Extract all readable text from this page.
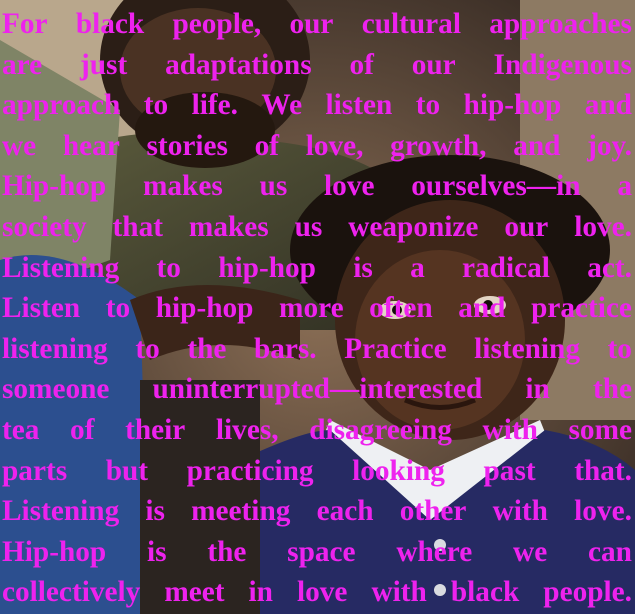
For black people, our cultural approaches
are just adaptations of our Indigenous
approach to life. We listen to hip-hop and
we hear stories of love, growth, and joy.
Hip-hop makes us love ourselves—in a
society that makes us weaponize our love.
Listening to hip-hop is a radical act.
Listen to hip-hop more often and practice
listening to the bars. Practice listening to
someone uninterrupted—interested in the
tea of their lives, disagreeing with some
parts but practicing looking past that.
Listening is meeting each other with love.
Hip-hop is the space where we can
collectively meet in love with black people.
